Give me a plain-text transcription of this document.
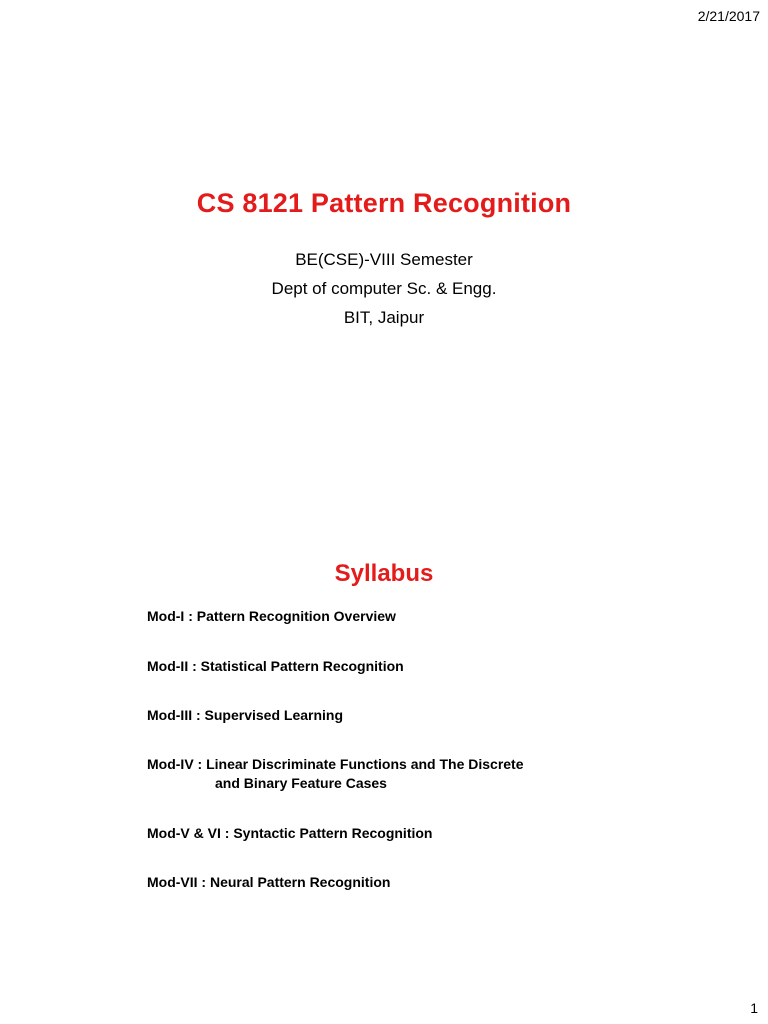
2/21/2017
CS 8121 Pattern Recognition
BE(CSE)-VIII Semester
Dept of computer Sc. & Engg.
BIT, Jaipur
Syllabus
Mod-I : Pattern Recognition Overview
Mod-II : Statistical Pattern Recognition
Mod-III : Supervised Learning
Mod-IV : Linear Discriminate Functions and The Discrete
and Binary Feature Cases
Mod-V & VI : Syntactic Pattern Recognition
Mod-VII : Neural Pattern Recognition
1
